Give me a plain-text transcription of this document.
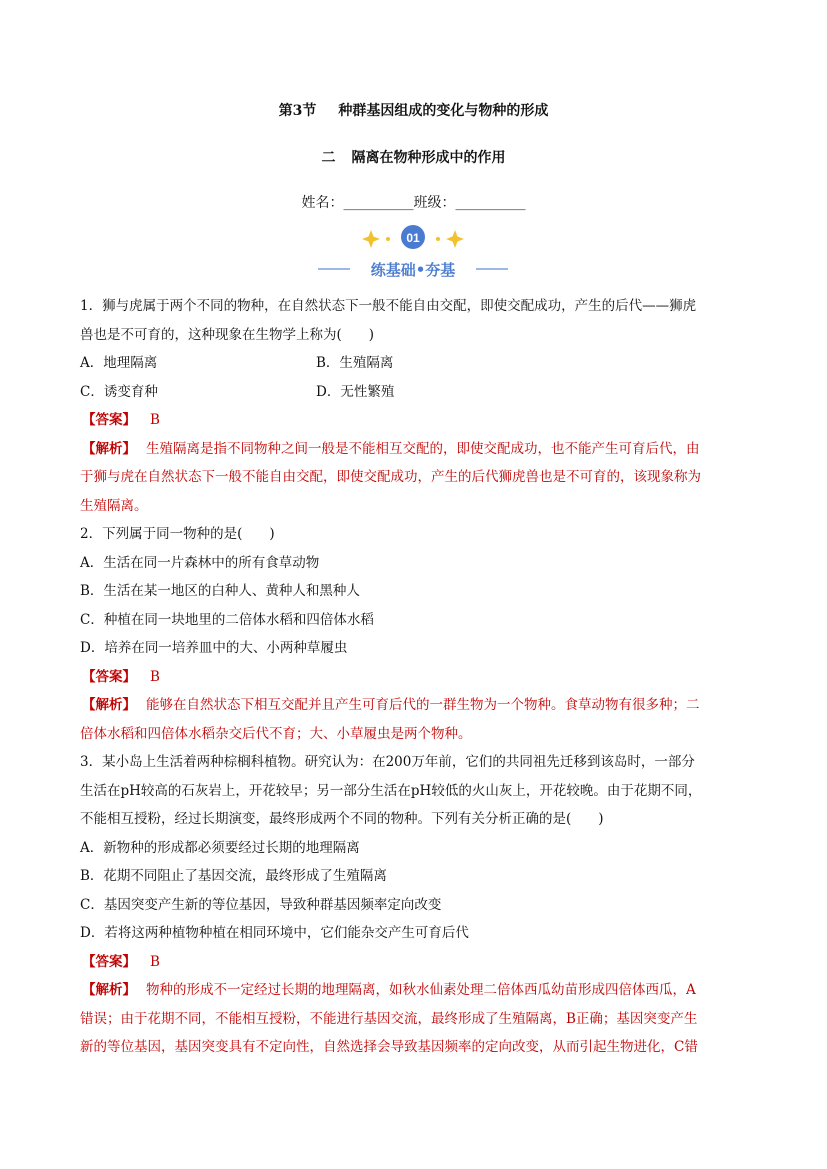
第3节 种群基因组成的变化与物种的形成
二 隔离在物种形成中的作用
姓名：__________班级：__________
01
练基础•夯基
1．狮与虎属于两个不同的物种，在自然状态下一般不能自由交配，即使交配成功，产生的后代——狮虎
兽也是不可育的，这种现象在生物学上称为(　　)
A．地理隔离	B．生殖隔离
C．诱变育种	D．无性繁殖
【答案】 B
【解析】 生殖隔离是指不同物种之间一般是不能相互交配的，即使交配成功，也不能产生可育后代，由
于狮与虎在自然状态下一般不能自由交配，即使交配成功，产生的后代狮虎兽也是不可育的，该现象称为
生殖隔离。
2．下列属于同一物种的是(　　)
A．生活在同一片森林中的所有食草动物
B．生活在某一地区的白种人、黄种人和黑种人
C．种植在同一块地里的二倍体水稻和四倍体水稻
D．培养在同一培养皿中的大、小两种草履虫
【答案】 B
【解析】 能够在自然状态下相互交配并且产生可育后代的一群生物为一个物种。食草动物有很多种；二
倍体水稻和四倍体水稻杂交后代不育；大、小草履虫是两个物种。
3．某小岛上生活着两种棕榈科植物。研究认为：在200万年前，它们的共同祖先迁移到该岛时，一部分
生活在pH较高的石灰岩上，开花较早；另一部分生活在pH较低的火山灰上，开花较晚。由于花期不同，
不能相互授粉，经过长期演变，最终形成两个不同的物种。下列有关分析正确的是(　　)
A．新物种的形成都必须要经过长期的地理隔离
B．花期不同阻止了基因交流，最终形成了生殖隔离
C．基因突变产生新的等位基因，导致种群基因频率定向改变
D．若将这两种植物种植在相同环境中，它们能杂交产生可育后代
【答案】 B
【解析】 物种的形成不一定经过长期的地理隔离，如秋水仙素处理二倍体西瓜幼苗形成四倍体西瓜，A
错误；由于花期不同，不能相互授粉，不能进行基因交流，最终形成了生殖隔离，B正确；基因突变产生
新的等位基因，基因突变具有不定向性，自然选择会导致基因频率的定向改变，从而引起生物进化，C错
